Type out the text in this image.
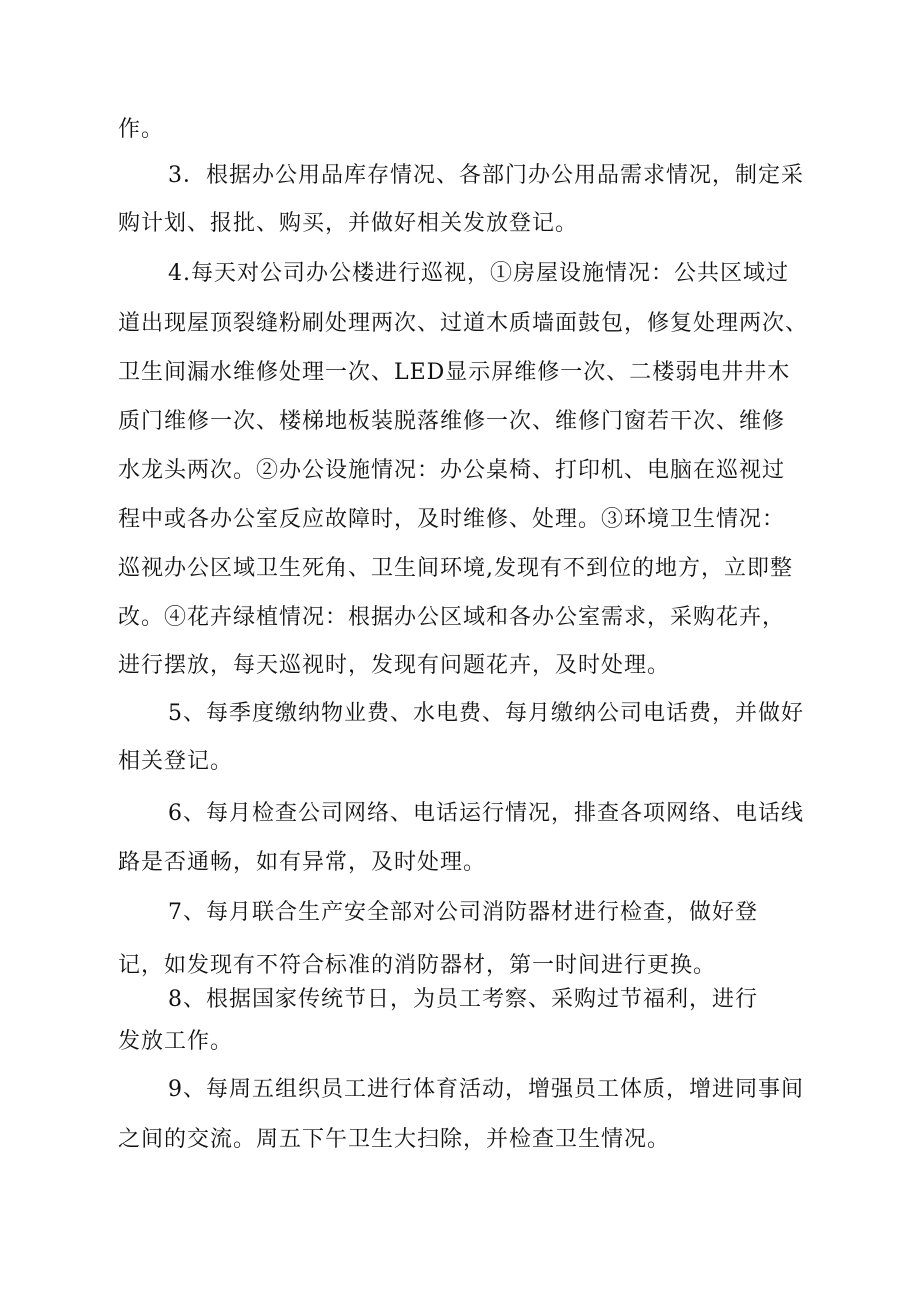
作。
3．根据办公用品库存情况、各部门办公用品需求情况，制定采
购计划、报批、购买，并做好相关发放登记。
4.每天对公司办公楼进行巡视，①房屋设施情况：公共区域过
道出现屋顶裂缝粉刷处理两次、过道木质墙面鼓包，修复处理两次、
卫生间漏水维修处理一次、LED显示屏维修一次、二楼弱电井井木
质门维修一次、楼梯地板装脱落维修一次、维修门窗若干次、维修
水龙头两次。②办公设施情况：办公桌椅、打印机、电脑在巡视过
程中或各办公室反应故障时，及时维修、处理。③环境卫生情况：
巡视办公区域卫生死角、卫生间环境,发现有不到位的地方，立即整
改。④花卉绿植情况：根据办公区域和各办公室需求，采购花卉，
进行摆放，每天巡视时，发现有问题花卉，及时处理。
5、每季度缴纳物业费、水电费、每月缴纳公司电话费，并做好
相关登记。
6、每月检查公司网络、电话运行情况，排查各项网络、电话线
路是否通畅，如有异常，及时处理。
7、每月联合生产安全部对公司消防器材进行检查，做好登
记，如发现有不符合标准的消防器材，第一时间进行更换。
8、根据国家传统节日，为员工考察、采购过节福利，进行
发放工作。
9、每周五组织员工进行体育活动，增强员工体质，增进同事间
之间的交流。周五下午卫生大扫除，并检查卫生情况。
